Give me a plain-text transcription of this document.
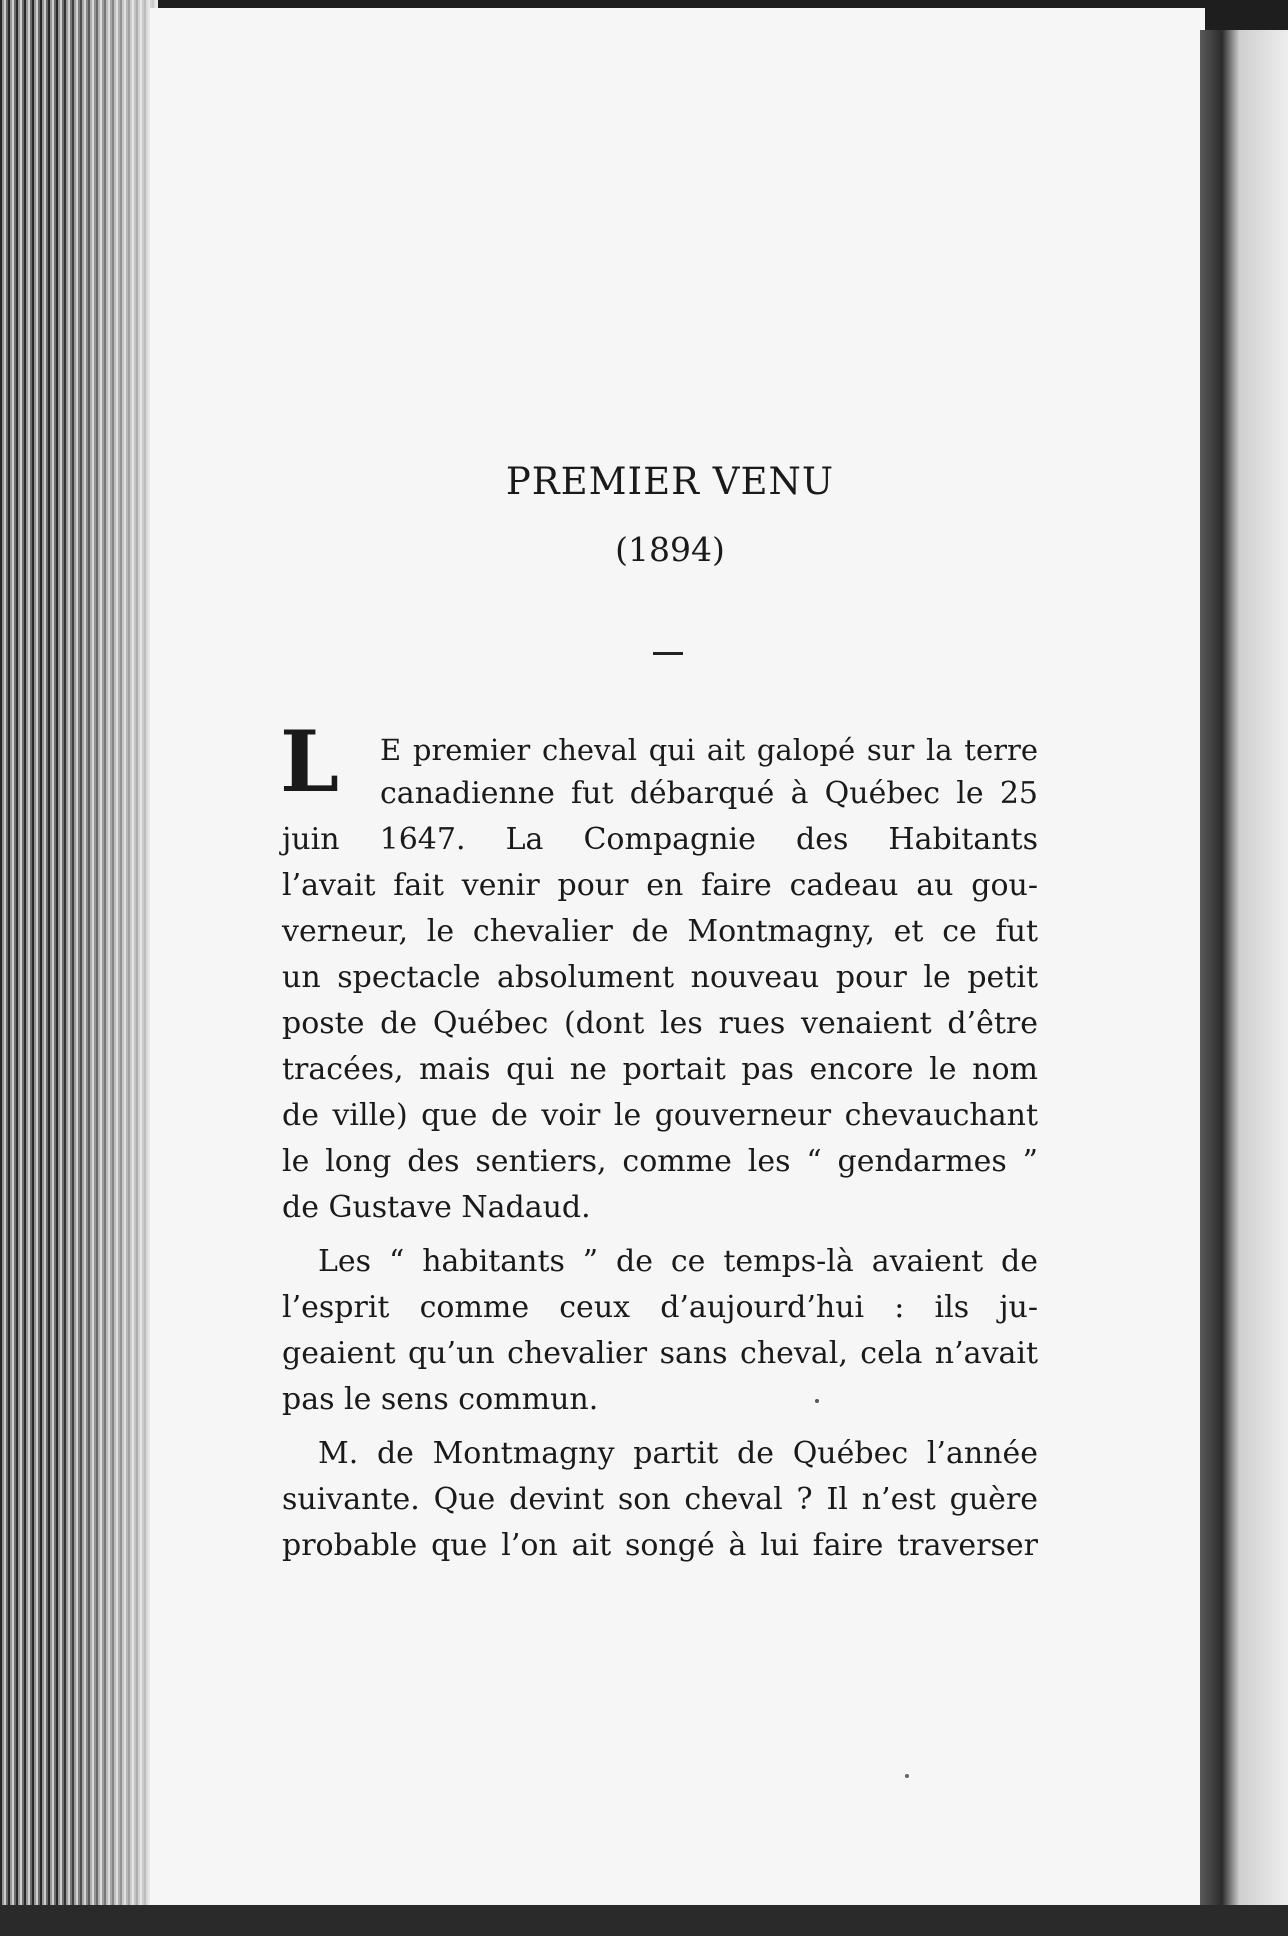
PREMIER VENU
(1894)
L E premier cheval qui ait galopé sur la terre

canadienne fut débarqué à Québec le 25

juin 1647. La Compagnie des Habitants

l’avait fait venir pour en faire cadeau au gou-

verneur, le chevalier de Montmagny, et ce fut

un spectacle absolument nouveau pour le petit

poste de Québec (dont les rues venaient d’être

tracées, mais qui ne portait pas encore le nom

de ville) que de voir le gouverneur chevauchant

le long des sentiers, comme les “ gendarmes ”

de Gustave Nadaud.

Les “ habitants ” de ce temps-là avaient de

l’esprit comme ceux d’aujourd’hui : ils ju-

geaient qu’un chevalier sans cheval, cela n’avait

pas le sens commun.

M. de Montmagny partit de Québec l’année

suivante. Que devint son cheval ? Il n’est guère

probable que l’on ait songé à lui faire traverser
